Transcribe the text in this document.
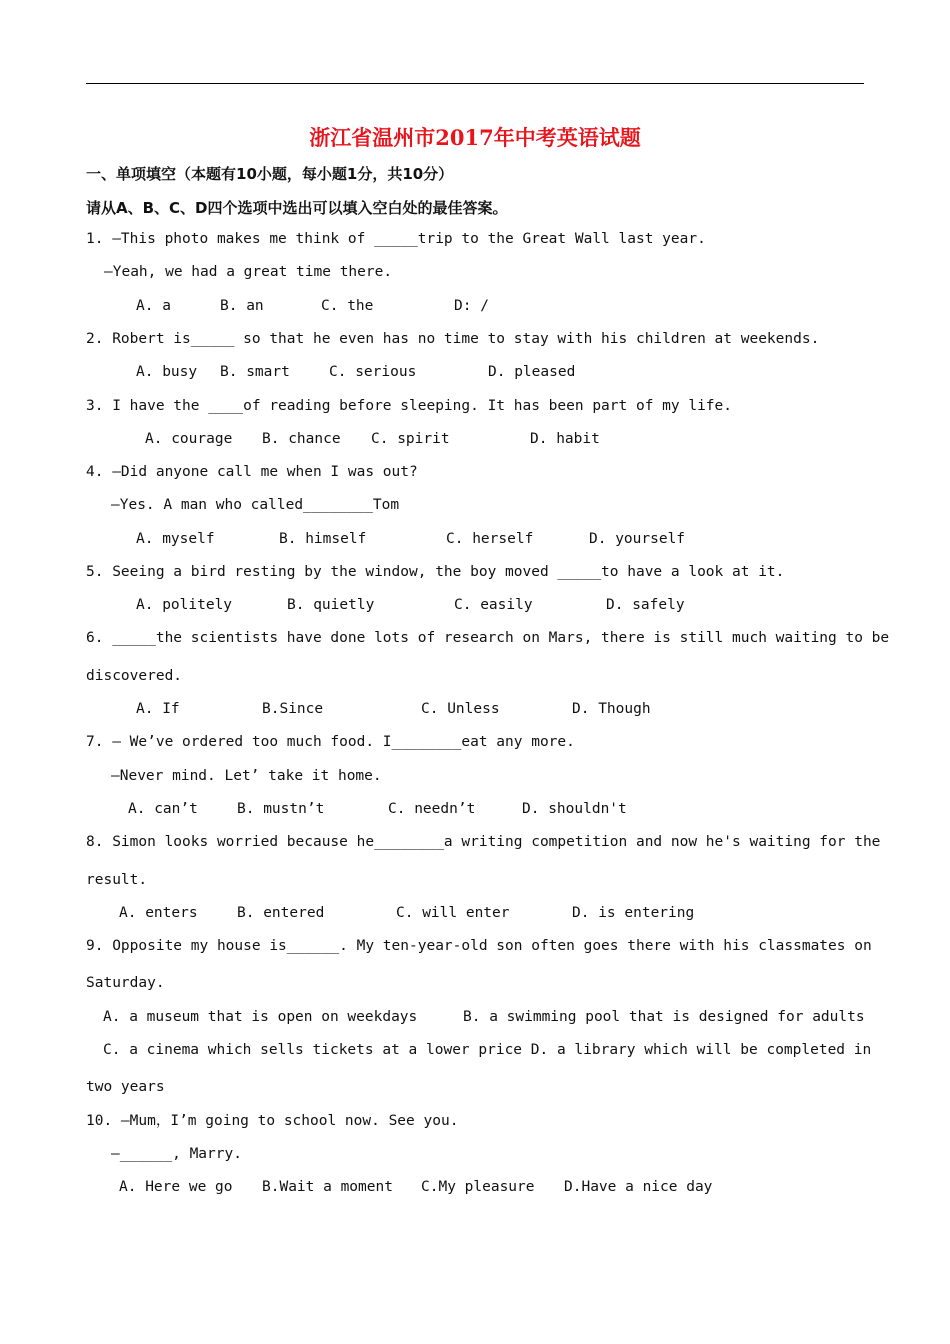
浙江省温州市2017年中考英语试题
一、单项填空（本题有10小题，每小题1分，共10分）
请从A、B、C、D四个选项中选出可以填入空白处的最佳答案。
1. —This photo makes me think of _____trip to the Great Wall last year.
—Yeah, we had a great time there.
A. a	B. an	C. the	D: /
2. Robert is_____ so that he even has no time to stay with his children at weekends.
A. busy B. smart	C. serious	D. pleased
3. I have the ____of reading before sleeping. It has been part of my life.
A. courage B. chance C. spirit	D. habit
4. —Did anyone call me when I was out?
—Yes. A man who called________Tom
A. myself	B. himself	C. herself	D. yourself
5. Seeing a bird resting by the window, the boy moved _____to have a look at it.
A. politely	B. quietly	C. easily	D. safely
6. _____the scientists have done lots of research on Mars, there is still much waiting to be
discovered.
A. If	B.Since	C. Unless	D. Though
7. — We’ve ordered too much food. I________eat any more.
—Never mind. Let’ take it home.
A. can’t	B. mustn’t	C. needn’t	D. shouldn't
8. Simon looks worried because he________a writing competition and now he's waiting for the
result.
A. enters	B. entered	C. will enter	D. is entering
9. Opposite my house is______. My ten-year-old son often goes there with his classmates on
Saturday.
A. a museum that is open on weekdays	B. a swimming pool that is designed for adults
C. a cinema which sells tickets at a lower price D. a library which will be completed in
two years
10. —Mum，I’m going to school now. See you.
—______, Marry.
A. Here we go B.Wait a moment C.My pleasure D.Have a nice day
